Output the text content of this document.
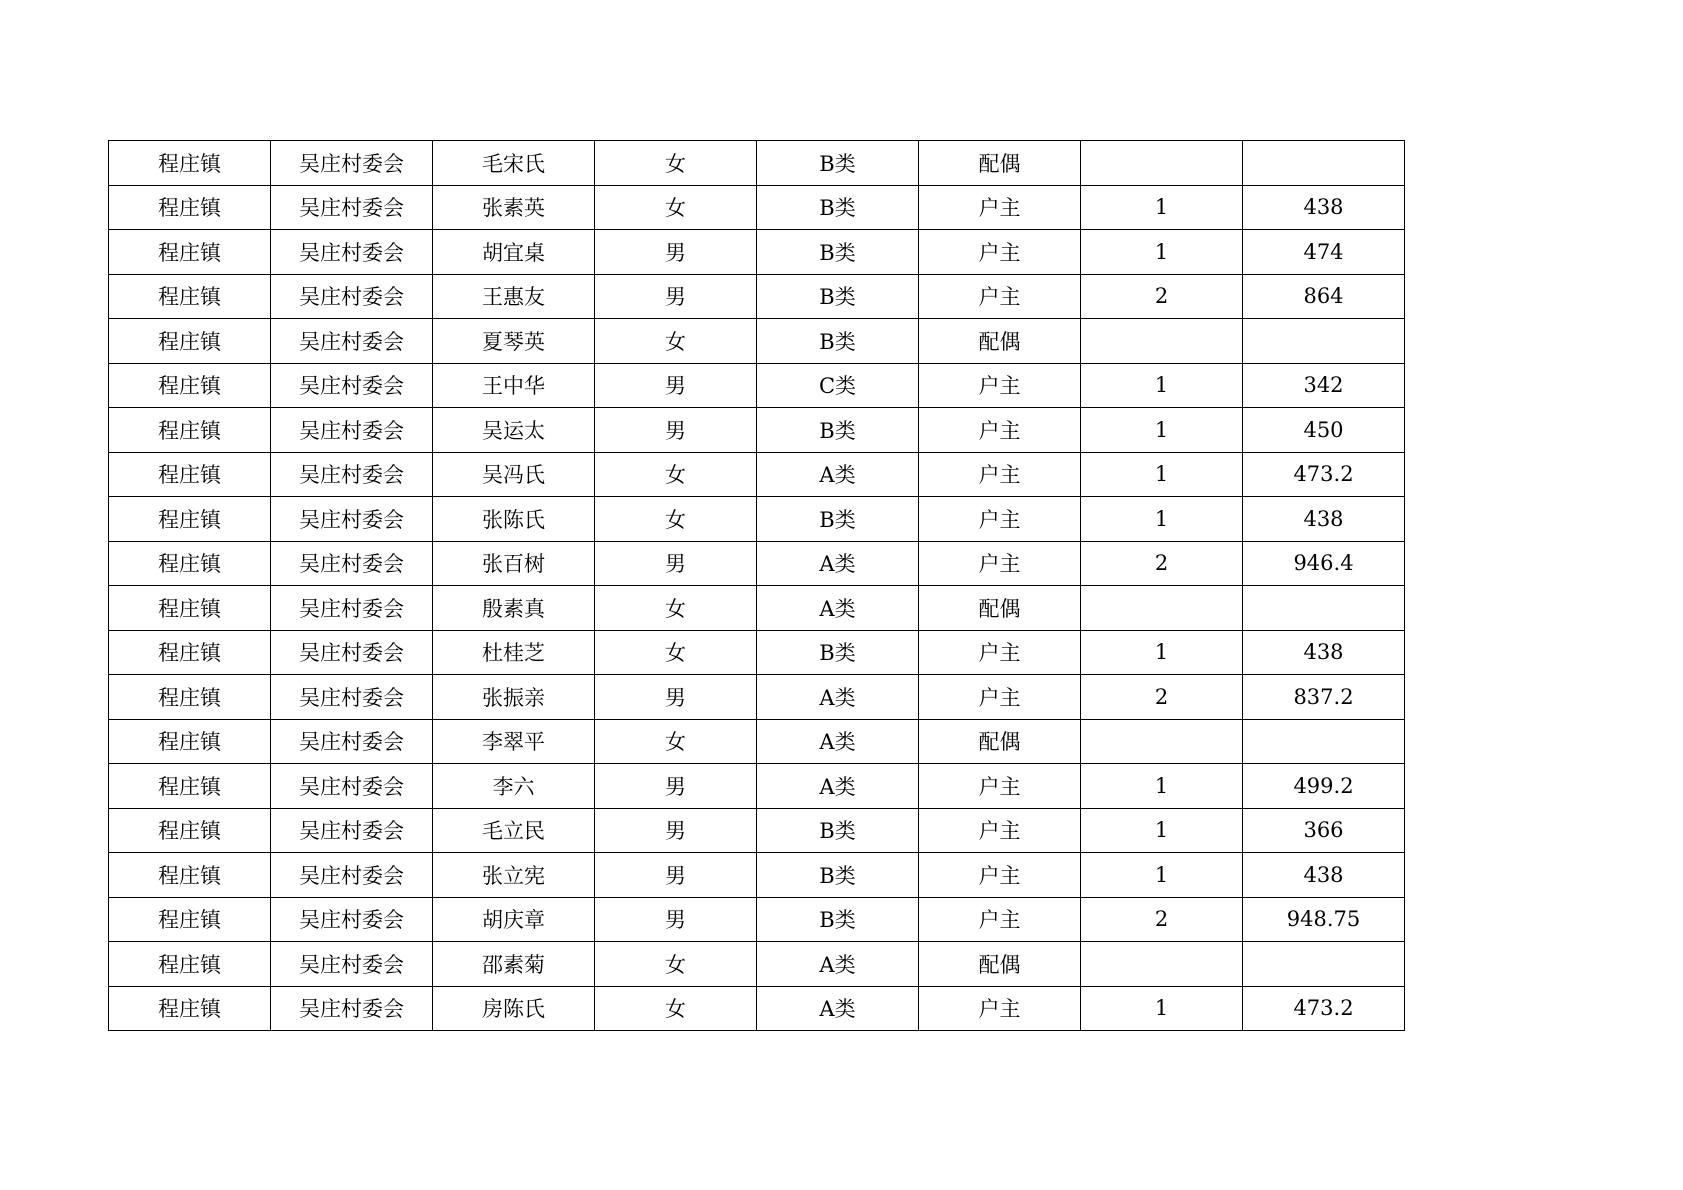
程庄镇	吴庄村委会	毛宋氏	女	B类	配偶		
程庄镇	吴庄村委会	张素英	女	B类	户主	1	438
程庄镇	吴庄村委会	胡宜桌	男	B类	户主	1	474
程庄镇	吴庄村委会	王惠友	男	B类	户主	2	864
程庄镇	吴庄村委会	夏琴英	女	B类	配偶		
程庄镇	吴庄村委会	王中华	男	C类	户主	1	342
程庄镇	吴庄村委会	吴运太	男	B类	户主	1	450
程庄镇	吴庄村委会	吴冯氏	女	A类	户主	1	473.2
程庄镇	吴庄村委会	张陈氏	女	B类	户主	1	438
程庄镇	吴庄村委会	张百树	男	A类	户主	2	946.4
程庄镇	吴庄村委会	殷素真	女	A类	配偶		
程庄镇	吴庄村委会	杜桂芝	女	B类	户主	1	438
程庄镇	吴庄村委会	张振亲	男	A类	户主	2	837.2
程庄镇	吴庄村委会	李翠平	女	A类	配偶		
程庄镇	吴庄村委会	李六	男	A类	户主	1	499.2
程庄镇	吴庄村委会	毛立民	男	B类	户主	1	366
程庄镇	吴庄村委会	张立宪	男	B类	户主	1	438
程庄镇	吴庄村委会	胡庆章	男	B类	户主	2	948.75
程庄镇	吴庄村委会	邵素菊	女	A类	配偶		
程庄镇	吴庄村委会	房陈氏	女	A类	户主	1	473.2
